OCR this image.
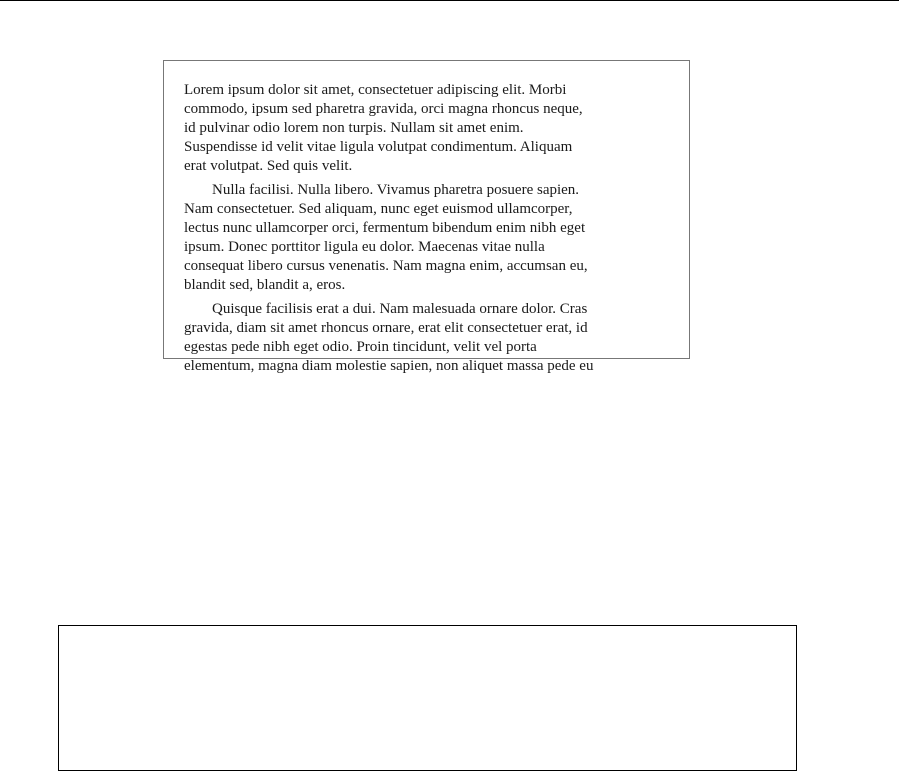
Lorem ipsum dolor sit amet, consectetuer adipiscing elit. Morbi
commodo, ipsum sed pharetra gravida, orci magna rhoncus neque,
id pulvinar odio lorem non turpis. Nullam sit amet enim.
Suspendisse id velit vitae ligula volutpat condimentum. Aliquam
erat volutpat. Sed quis velit.

Nulla facilisi. Nulla libero. Vivamus pharetra posuere sapien.
Nam consectetuer. Sed aliquam, nunc eget euismod ullamcorper,
lectus nunc ullamcorper orci, fermentum bibendum enim nibh eget
ipsum. Donec porttitor ligula eu dolor. Maecenas vitae nulla
consequat libero cursus venenatis. Nam magna enim, accumsan eu,
blandit sed, blandit a, eros.

Quisque facilisis erat a dui. Nam malesuada ornare dolor. Cras
gravida, diam sit amet rhoncus ornare, erat elit consectetuer erat, id
egestas pede nibh eget odio. Proin tincidunt, velit vel porta
elementum, magna diam molestie sapien, non aliquet massa pede eu
